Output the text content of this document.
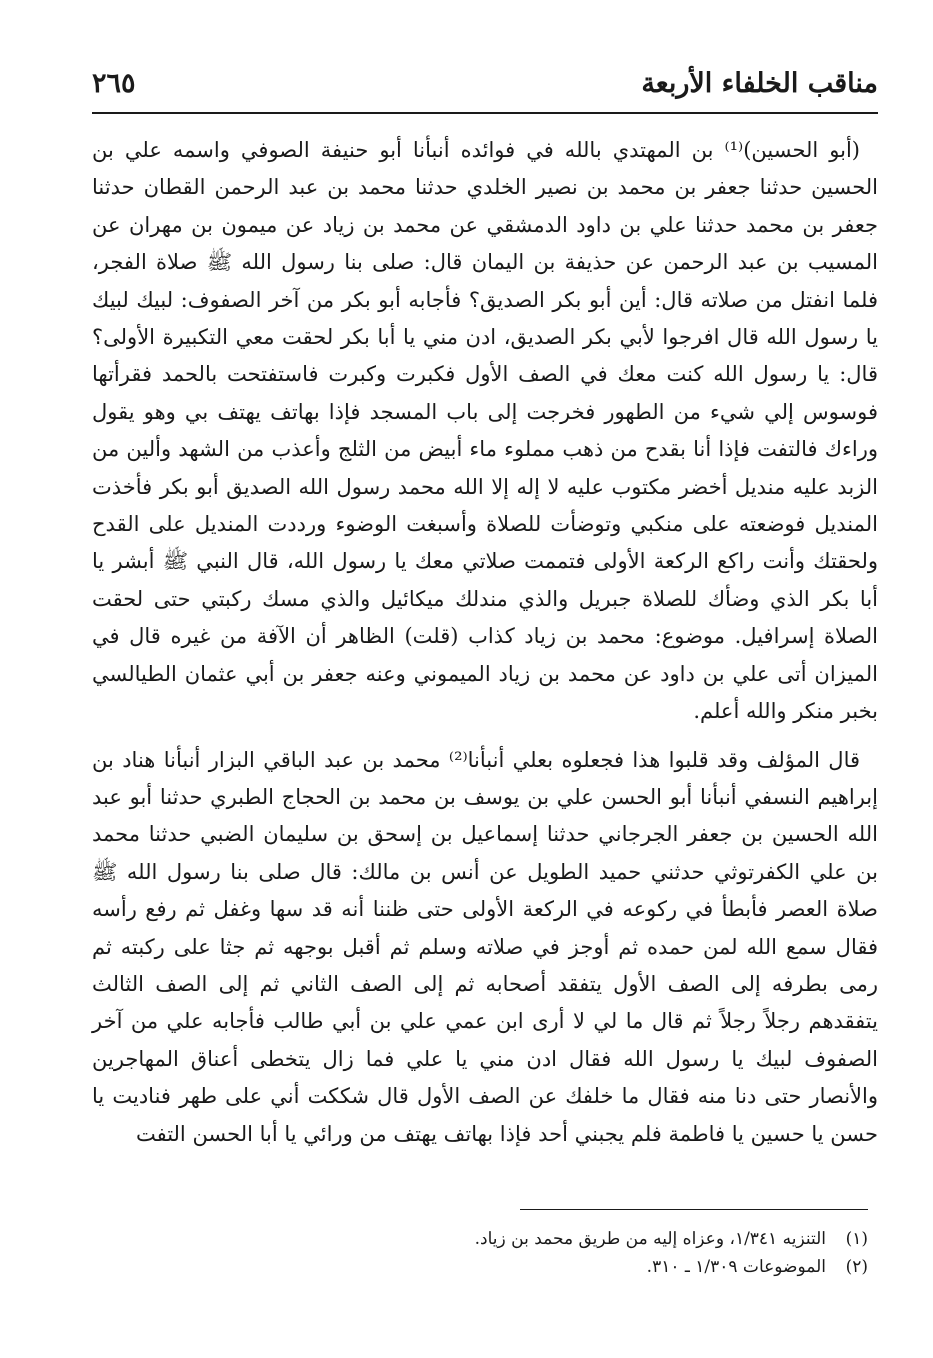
مناقب الخلفاء الأربعة
٢٦٥

(أبو الحسين)⁽¹⁾ بن المهتدي بالله في فوائده أنبأنا أبو حنيفة الصوفي واسمه علي بن الحسين حدثنا جعفر بن محمد بن نصير الخلدي حدثنا محمد بن عبد الرحمن القطان حدثنا جعفر بن محمد حدثنا علي بن داود الدمشقي عن محمد بن زياد عن ميمون بن مهران عن المسيب بن عبد الرحمن عن حذيفة بن اليمان قال: صلى بنا رسول الله ﷺ صلاة الفجر، فلما انفتل من صلاته قال: أين أبو بكر الصديق؟ فأجابه أبو بكر من آخر الصفوف: لبيك لبيك يا رسول الله قال افرجوا لأبي بكر الصديق، ادن مني يا أبا بكر لحقت معي التكبيرة الأولى؟ قال: يا رسول الله كنت معك في الصف الأول فكبرت وكبرت فاستفتحت بالحمد فقرأتها فوسوس إلي شيء من الطهور فخرجت إلى باب المسجد فإذا بهاتف يهتف بي وهو يقول وراءك فالتفت فإذا أنا بقدح من ذهب مملوء ماء أبيض من الثلج وأعذب من الشهد وألين من الزبد عليه منديل أخضر مكتوب عليه لا إله إلا الله محمد رسول الله الصديق أبو بكر فأخذت المنديل فوضعته على منكبي وتوضأت للصلاة وأسبغت الوضوء ورددت المنديل على القدح ولحقتك وأنت راكع الركعة الأولى فتممت صلاتي معك يا رسول الله، قال النبي ﷺ أبشر يا أبا بكر الذي وضأك للصلاة جبريل والذي مندلك ميكائيل والذي مسك ركبتي حتى لحقت الصلاة إسرافيل. موضوع: محمد بن زياد كذاب (قلت) الظاهر أن الآفة من غيره قال في الميزان أتى علي بن داود عن محمد بن زياد الميموني وعنه جعفر بن أبي عثمان الطيالسي بخبر منكر والله أعلم.

قال المؤلف وقد قلبوا هذا فجعلوه بعلي أنبأنا⁽²⁾ محمد بن عبد الباقي البزار أنبأنا هناد بن إبراهيم النسفي أنبأنا أبو الحسن علي بن يوسف بن محمد بن الحجاج الطبري حدثنا أبو عبد الله الحسين بن جعفر الجرجاني حدثنا إسماعيل بن إسحق بن سليمان الضبي حدثنا محمد بن علي الكفرتوثي حدثني حميد الطويل عن أنس بن مالك: قال صلى بنا رسول الله ﷺ صلاة العصر فأبطأ في ركوعه في الركعة الأولى حتى ظننا أنه قد سها وغفل ثم رفع رأسه فقال سمع الله لمن حمده ثم أوجز في صلاته وسلم ثم أقبل بوجهه ثم جثا على ركبته ثم رمى بطرفه إلى الصف الأول يتفقد أصحابه ثم إلى الصف الثاني ثم إلى الصف الثالث يتفقدهم رجلاً رجلاً ثم قال ما لي لا أرى ابن عمي علي بن أبي طالب فأجابه علي من آخر الصفوف لبيك يا رسول الله فقال ادن مني يا علي فما زال يتخطى أعناق المهاجرين والأنصار حتى دنا منه فقال ما خلفك عن الصف الأول قال شككت أني على طهر فناديت يا حسن يا حسين يا فاطمة فلم يجبني أحد فإذا بهاتف يهتف من ورائي يا أبا الحسن التفت

(١)التنزيه ١/٣٤١، وعزاه إليه من طريق محمد بن زياد.

(٢)الموضوعات ١/٣٠٩ ـ ٣١٠.
